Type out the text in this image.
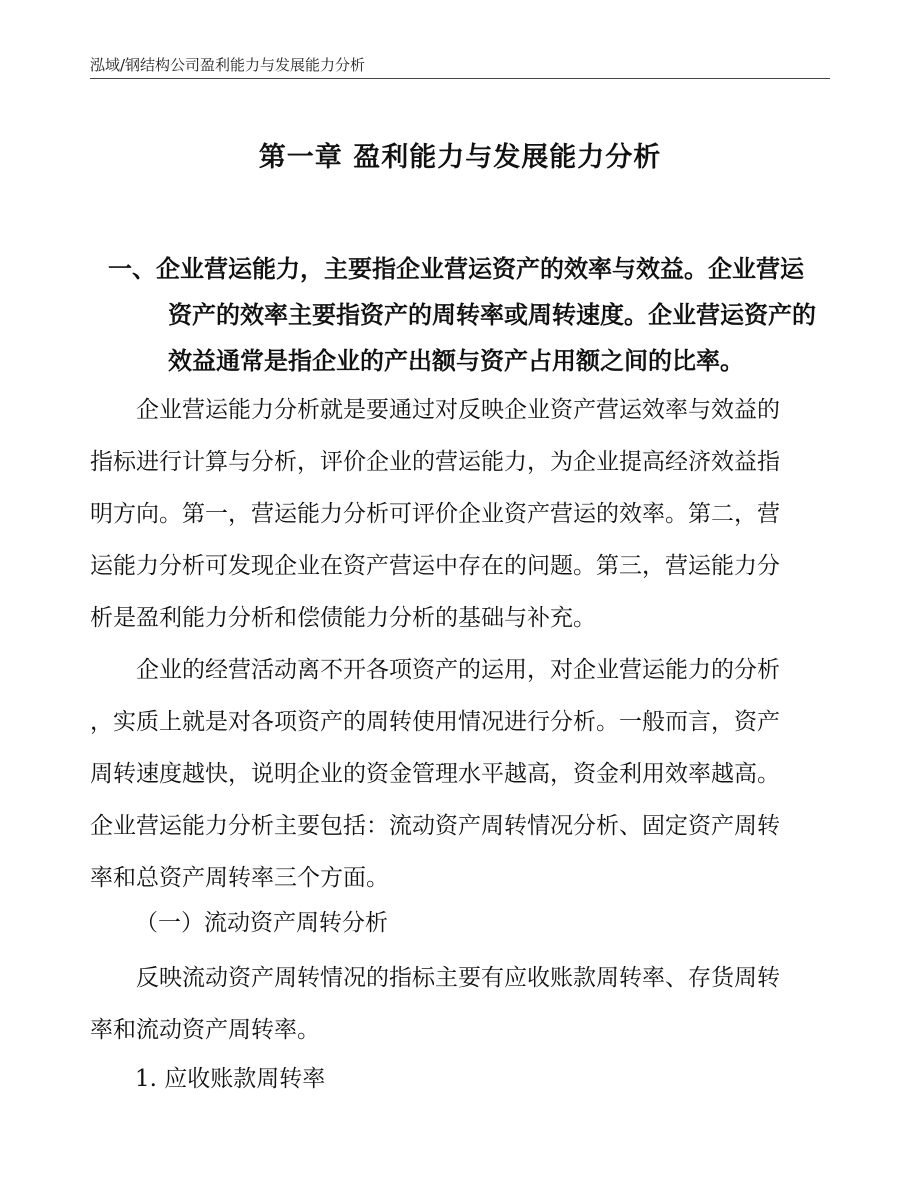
泓域/钢结构公司盈利能力与发展能力分析
第一章 盈利能力与发展能力分析
一、企业营运能力，主要指企业营运资产的效率与效益。企业营运
资产的效率主要指资产的周转率或周转速度。企业营运资产的
效益通常是指企业的产出额与资产占用额之间的比率。
　　企业营运能力分析就是要通过对反映企业资产营运效率与效益的
指标进行计算与分析，评价企业的营运能力，为企业提高经济效益指
明方向。第一，营运能力分析可评价企业资产营运的效率。第二，营
运能力分析可发现企业在资产营运中存在的问题。第三，营运能力分
析是盈利能力分析和偿债能力分析的基础与补充。
　　企业的经营活动离不开各项资产的运用，对企业营运能力的分析
，实质上就是对各项资产的周转使用情况进行分析。一般而言，资产
周转速度越快，说明企业的资金管理水平越高，资金利用效率越高。
企业营运能力分析主要包括：流动资产周转情况分析、固定资产周转
率和总资产周转率三个方面。
（一）流动资产周转分析
　　反映流动资产周转情况的指标主要有应收账款周转率、存货周转
率和流动资产周转率。
1. 应收账款周转率
